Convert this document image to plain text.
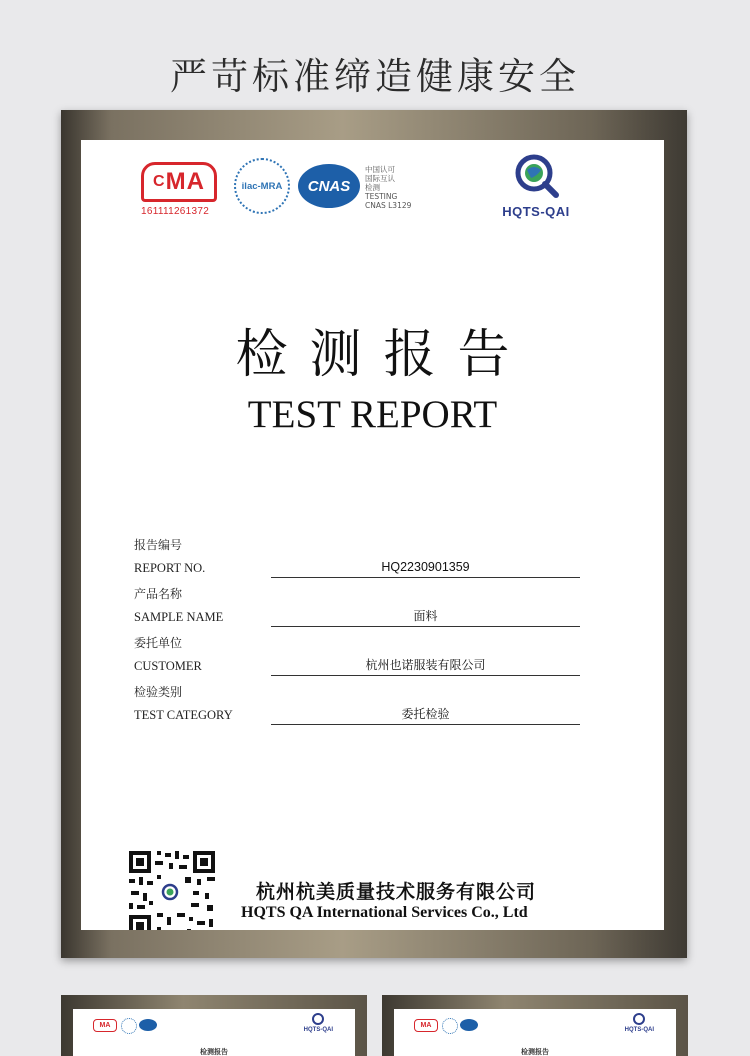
严苛标准缔造健康安全
$^C$MA
161111261372
ilac-MRA CNAS
中国认可
国际互认
检测
TESTING
CNAS L3129	HQTS-QAI
检测报告
TEST REPORT
报告编号
REPORT NO.	HQ2230901359
产品名称
SAMPLE NAME	面料
委托单位
CUSTOMER	杭州也诺服装有限公司
检验类别
TEST CATEGORY	委托检验
杭州杭美质量技术服务有限公司
HQTS QA International Services Co., Ltd
MA
HQTS-QAI
检测报告
MA
HQTS-QAI
检测报告
